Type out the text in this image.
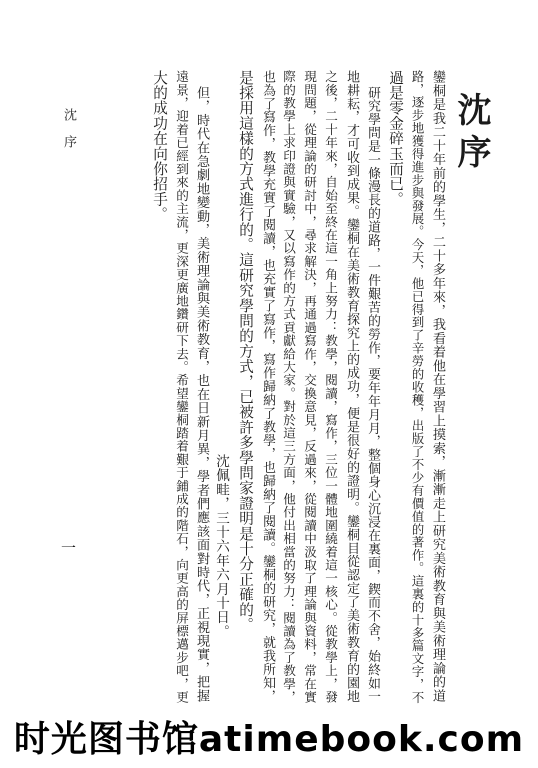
沈序
鑾桐是我二十年前的學生，二十多年來，我看着他在學習上摸索，漸漸走上研究美術教育與美術理論的道
路，逐步地獲得進步與發展。今天，他已得到了辛勞的收穫，出版了不少有價值的著作。這裏的十多篇文字，不
過是零金碎玉而已。
研究學問是一條漫長的道路，一件艱苦的勞作，要年年月月，整個身心沉浸在裏面，鍥而不舍，始終如一
地耕耘，才可收到成果。鑾桐在美術教育探究上的成功，便是很好的證明。鑾桐目從認定了美術教育的園地
之後，二十年來，自始至終在這一角上努力：教學，閱讀，寫作，三位一體地圍繞着這一核心。從教學上，發
現問題，從理論的研討中，尋求解決，再通過寫作，交換意見，反過來，從閱讀中汲取了理論與資料，常在實
際的教學上求印證與實驗，又以寫作的方式貢獻給大家。對於這三方面，他付出相當的努力：閱讀為了教學，
也為了寫作，教學充實了閱讀，也充實了寫作，寫作歸納了教學，也歸納了閱讀。鑾桐的研究，就我所知，
是採用這樣的方式進行的。這研究學問的方式，已被許多學問家證明是十分正確的。
但，時代在急劇地變動，美術理論與美術教育，也在日新月異，學者們應該面對時代，正視現實，把握
遠景，迎着已經到來的主流，更深更廣地鑽研下去。希望鑾桐踏着艱于鋪成的階石，向更高的屏標邁步吧，更
大的成功在向你招手。
沈佩畦，三十六年六月十日。
沈序
一
时光图书馆atimebook.com
